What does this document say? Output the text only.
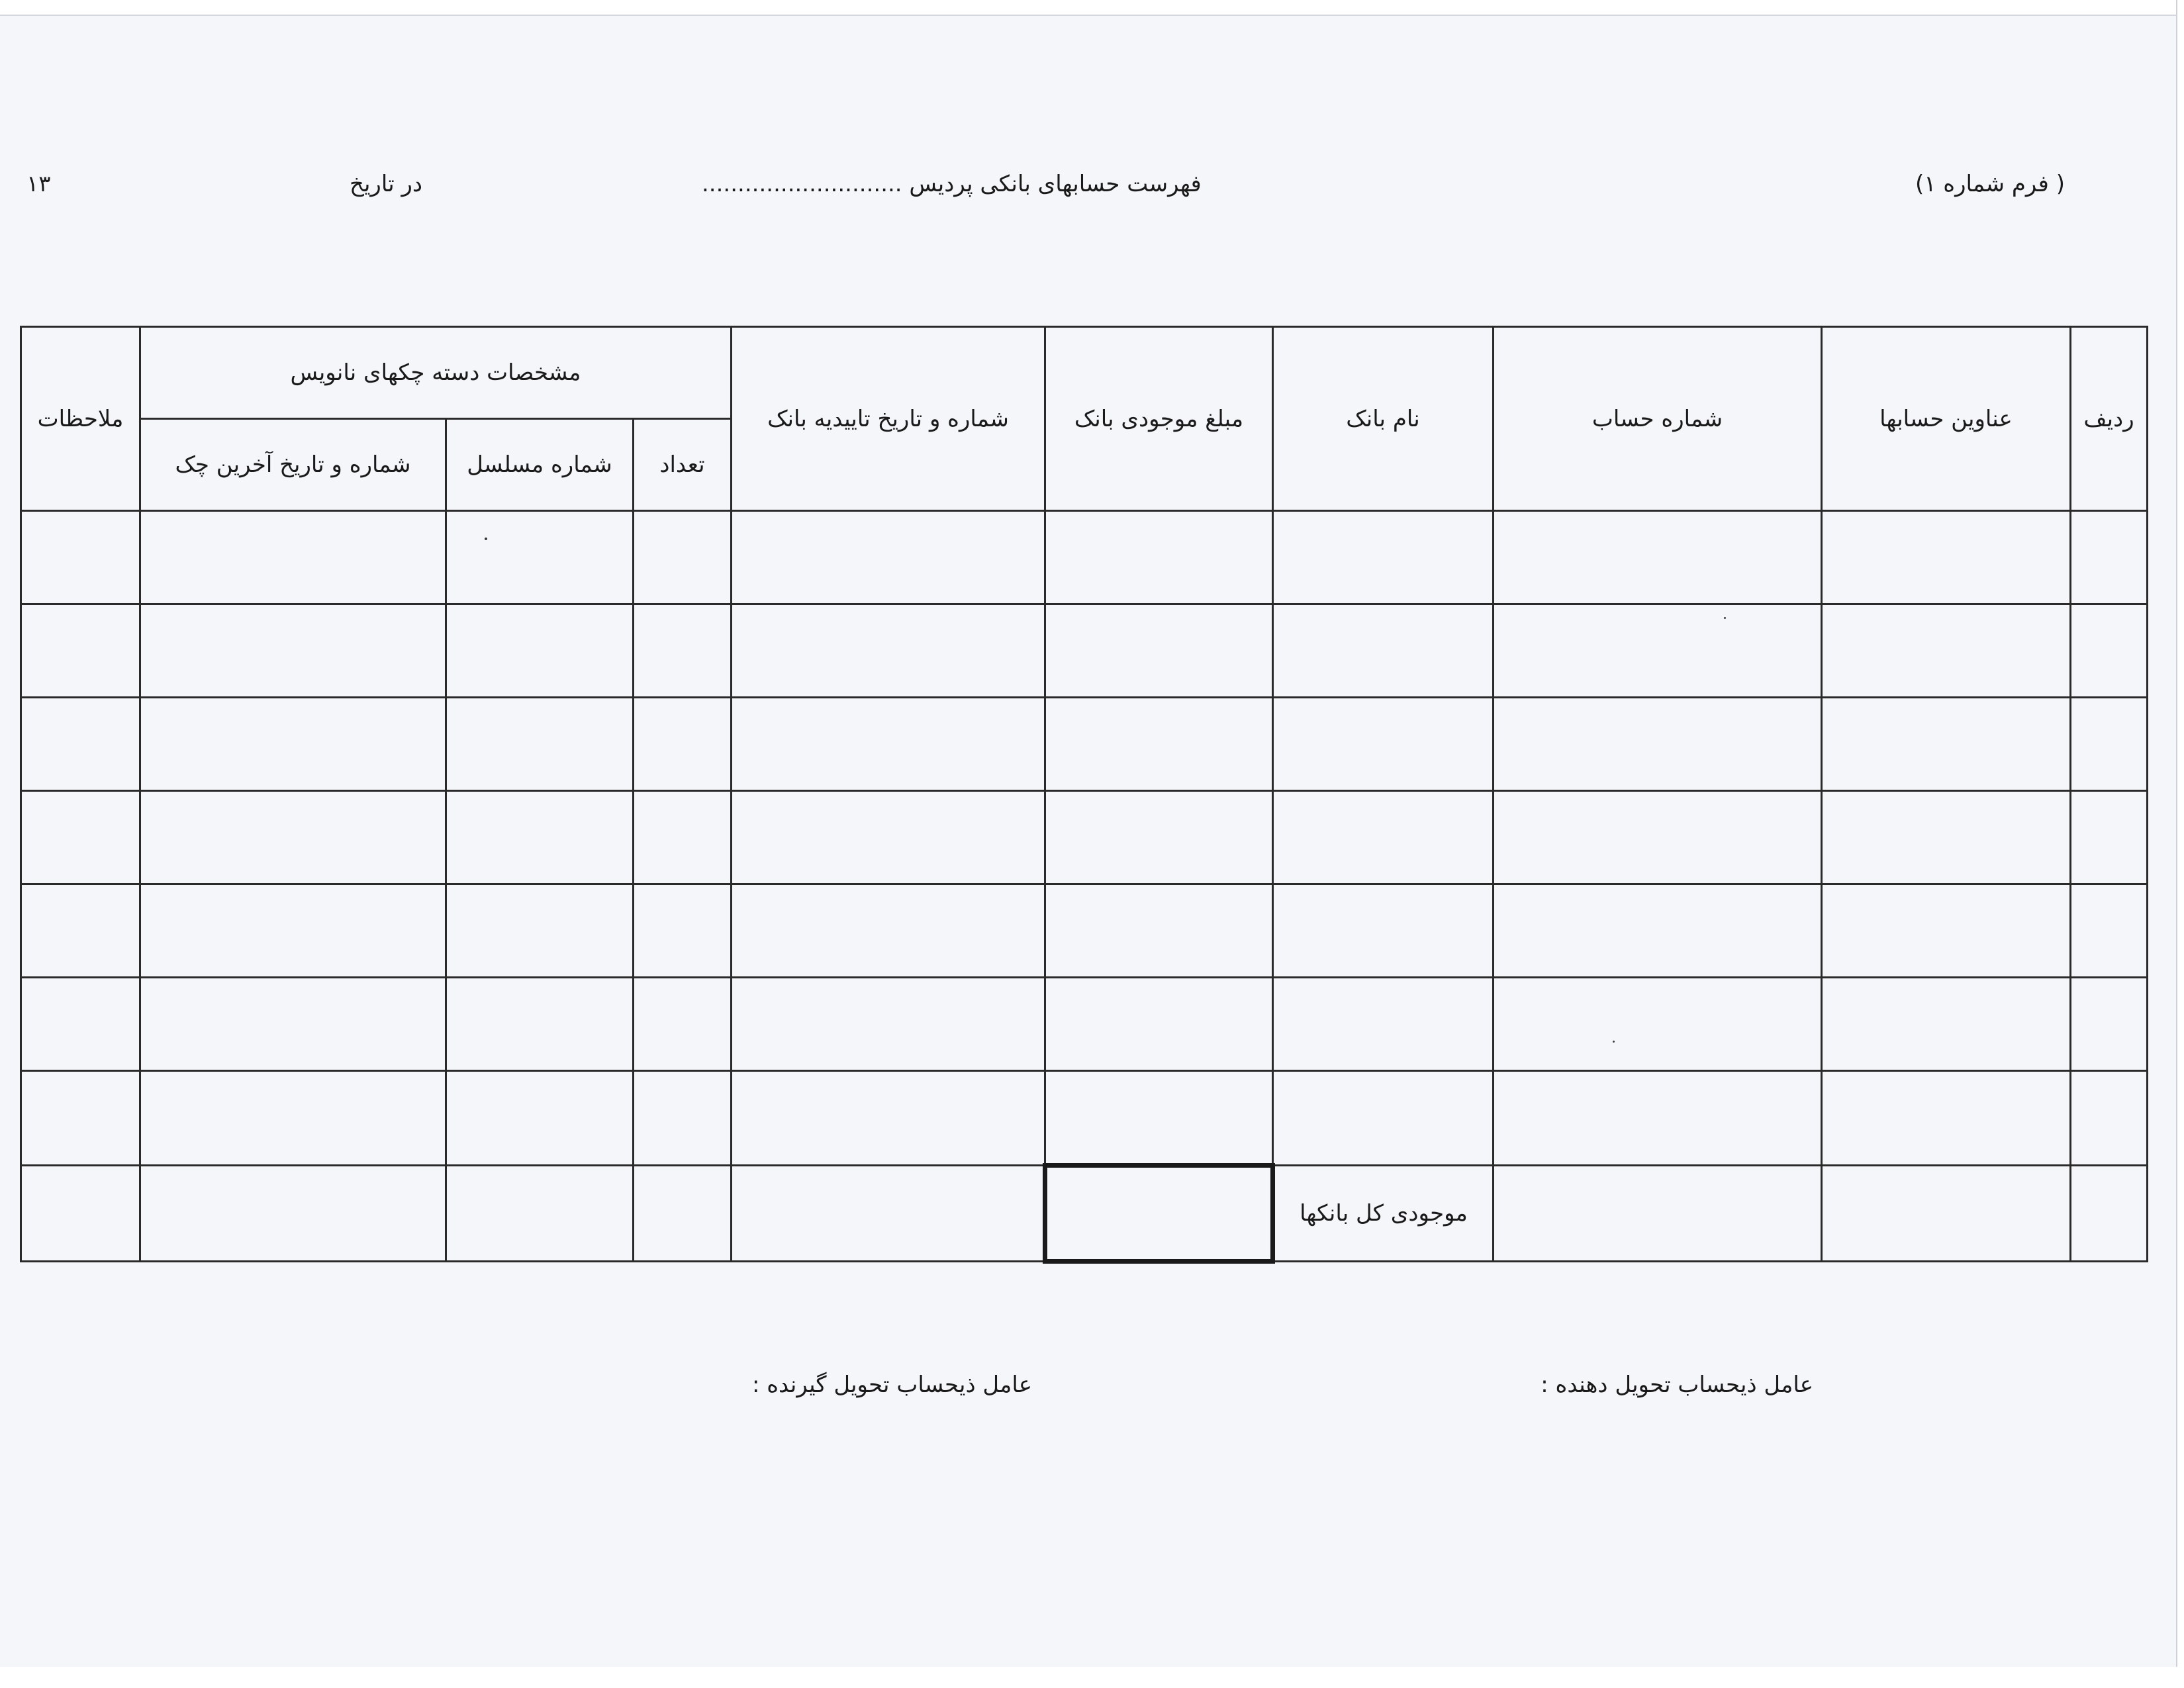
( فرم شماره ۱)
فهرست حسابهای بانکی پردیس ............................
در تاریخ
۱۳
ردیف	عناوین حسابها	شماره حساب	نام بانک	مبلغ موجودی بانک	شماره و تاریخ تاییدیه بانک	مشخصات دسته چکهای نانویس			ملاحظات
						تعداد	شماره مسلسل	شماره و تاریخ آخرین چک	

			موجودی کل بانکها						
عامل ذیحساب تحویل دهنده :
عامل ذیحساب تحویل گیرنده :
